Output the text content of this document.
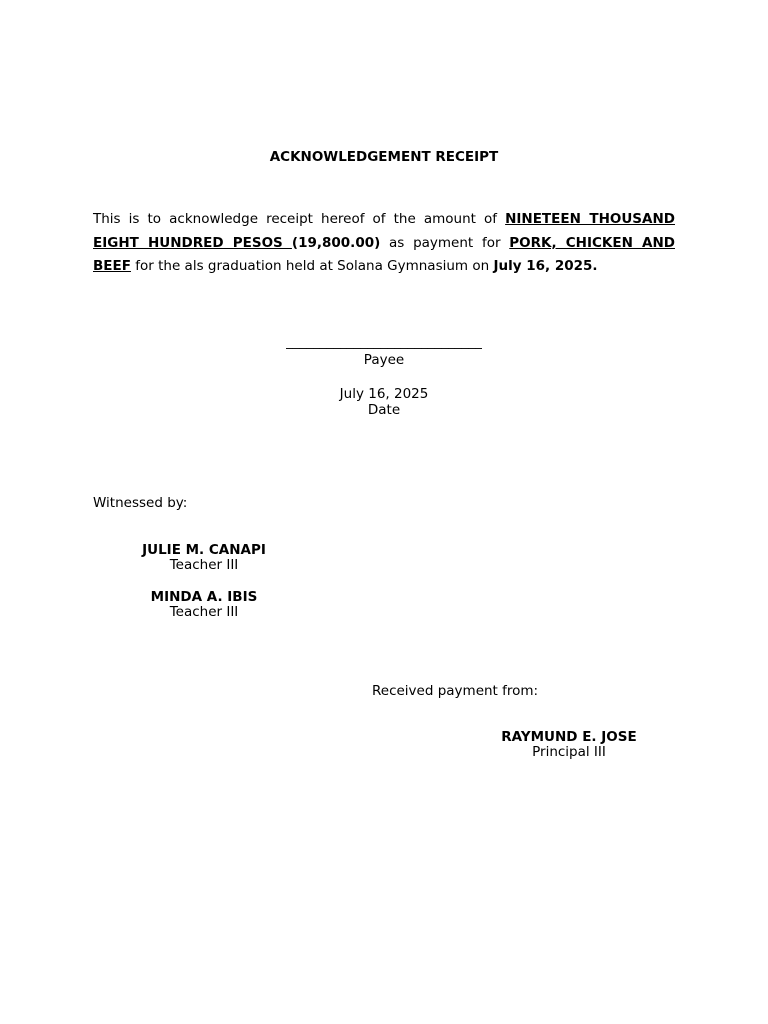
ACKNOWLEDGEMENT RECEIPT
This is to acknowledge receipt hereof of the amount of NINETEEN THOUSAND EIGHT HUNDRED PESOS (19,800.00) as payment for PORK, CHICKEN AND BEEF for the als graduation held at Solana Gymnasium on July 16, 2025.
_____________________________
Payee
July 16, 2025
Date
Witnessed by:
JULIE M. CANAPI
Teacher III
MINDA A. IBIS
Teacher III
Received payment from:
RAYMUND E. JOSE
Principal III
